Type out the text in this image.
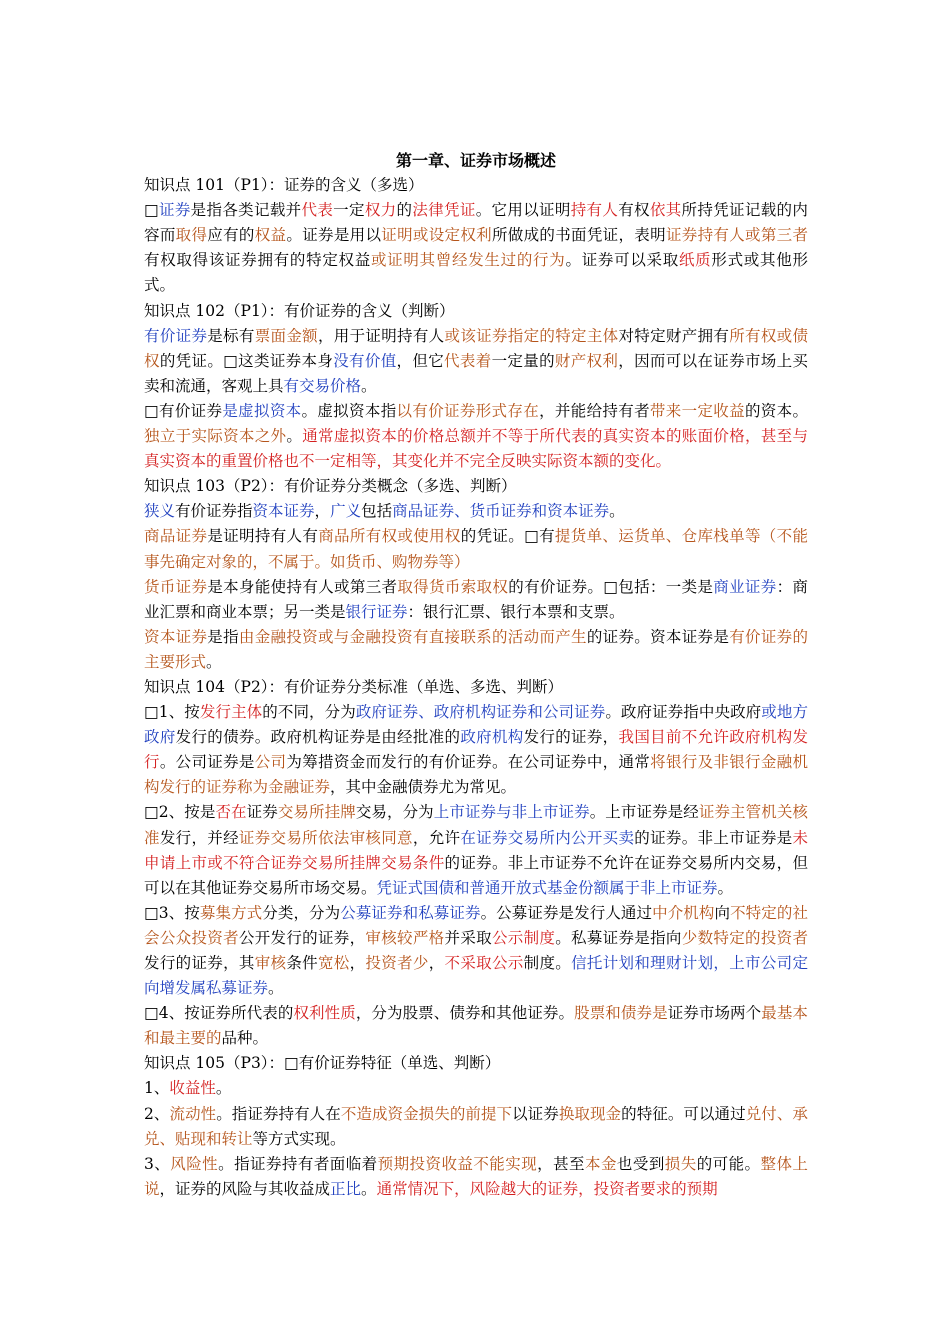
第一章、证券市场概述

知识点 101（P1）：证券的含义（多选）

□证券是指各类记载并代表一定权力的法律凭证。它用以证明持有人有权依其所持凭证记载的内容而取得应有的权益。证券是用以证明或设定权利所做成的书面凭证，表明证券持有人或第三者有权取得该证券拥有的特定权益或证明其曾经发生过的行为。证券可以采取纸质形式或其他形式。

知识点 102（P1）：有价证券的含义（判断）

有价证券是标有票面金额，用于证明持有人或该证券指定的特定主体对特定财产拥有所有权或债权的凭证。□这类证券本身没有价值，但它代表着一定量的财产权利，因而可以在证券市场上买卖和流通，客观上具有交易价格。

□有价证券是虚拟资本。虚拟资本指以有价证券形式存在，并能给持有者带来一定收益的资本。独立于实际资本之外。通常虚拟资本的价格总额并不等于所代表的真实资本的账面价格，甚至与真实资本的重置价格也不一定相等，其变化并不完全反映实际资本额的变化。

知识点 103（P2）：有价证券分类概念（多选、判断）

狭义有价证券指资本证券，广义包括商品证券、货币证券和资本证券。

商品证券是证明持有人有商品所有权或使用权的凭证。□有提货单、运货单、仓库栈单等（不能事先确定对象的，不属于。如货币、购物券等）

货币证券是本身能使持有人或第三者取得货币索取权的有价证券。□包括：一类是商业证券：商业汇票和商业本票；另一类是银行证券：银行汇票、银行本票和支票。

资本证券是指由金融投资或与金融投资有直接联系的活动而产生的证券。资本证券是有价证券的主要形式。

知识点 104（P2）：有价证券分类标准（单选、多选、判断）

□1、按发行主体的不同，分为政府证券、政府机构证券和公司证券。政府证券指中央政府或地方政府发行的债券。政府机构证券是由经批准的政府机构发行的证券，我国目前不允许政府机构发行。公司证券是公司为筹措资金而发行的有价证券。在公司证券中，通常将银行及非银行金融机构发行的证券称为金融证券，其中金融债券尤为常见。

□2、按是否在证券交易所挂牌交易，分为上市证券与非上市证券。上市证券是经证券主管机关核准发行，并经证券交易所依法审核同意，允许在证券交易所内公开买卖的证券。非上市证券是未申请上市或不符合证券交易所挂牌交易条件的证券。非上市证券不允许在证券交易所内交易，但可以在其他证券交易所市场交易。凭证式国债和普通开放式基金份额属于非上市证券。

□3、按募集方式分类，分为公募证券和私募证券。公募证券是发行人通过中介机构向不特定的社会公众投资者公开发行的证券，审核较严格并采取公示制度。私募证券是指向少数特定的投资者发行的证券，其审核条件宽松，投资者少，不采取公示制度。信托计划和理财计划，上市公司定向增发属私募证券。

□4、按证券所代表的权利性质，分为股票、债券和其他证券。股票和债券是证券市场两个最基本和最主要的品种。

知识点 105（P3）：□有价证券特征（单选、判断）

1、收益性。

2、流动性。指证券持有人在不造成资金损失的前提下以证券换取现金的特征。可以通过兑付、承兑、贴现和转让等方式实现。

3、风险性。指证券持有者面临着预期投资收益不能实现，甚至本金也受到损失的可能。整体上说，证券的风险与其收益成正比。通常情况下，风险越大的证券，投资者要求的预期
